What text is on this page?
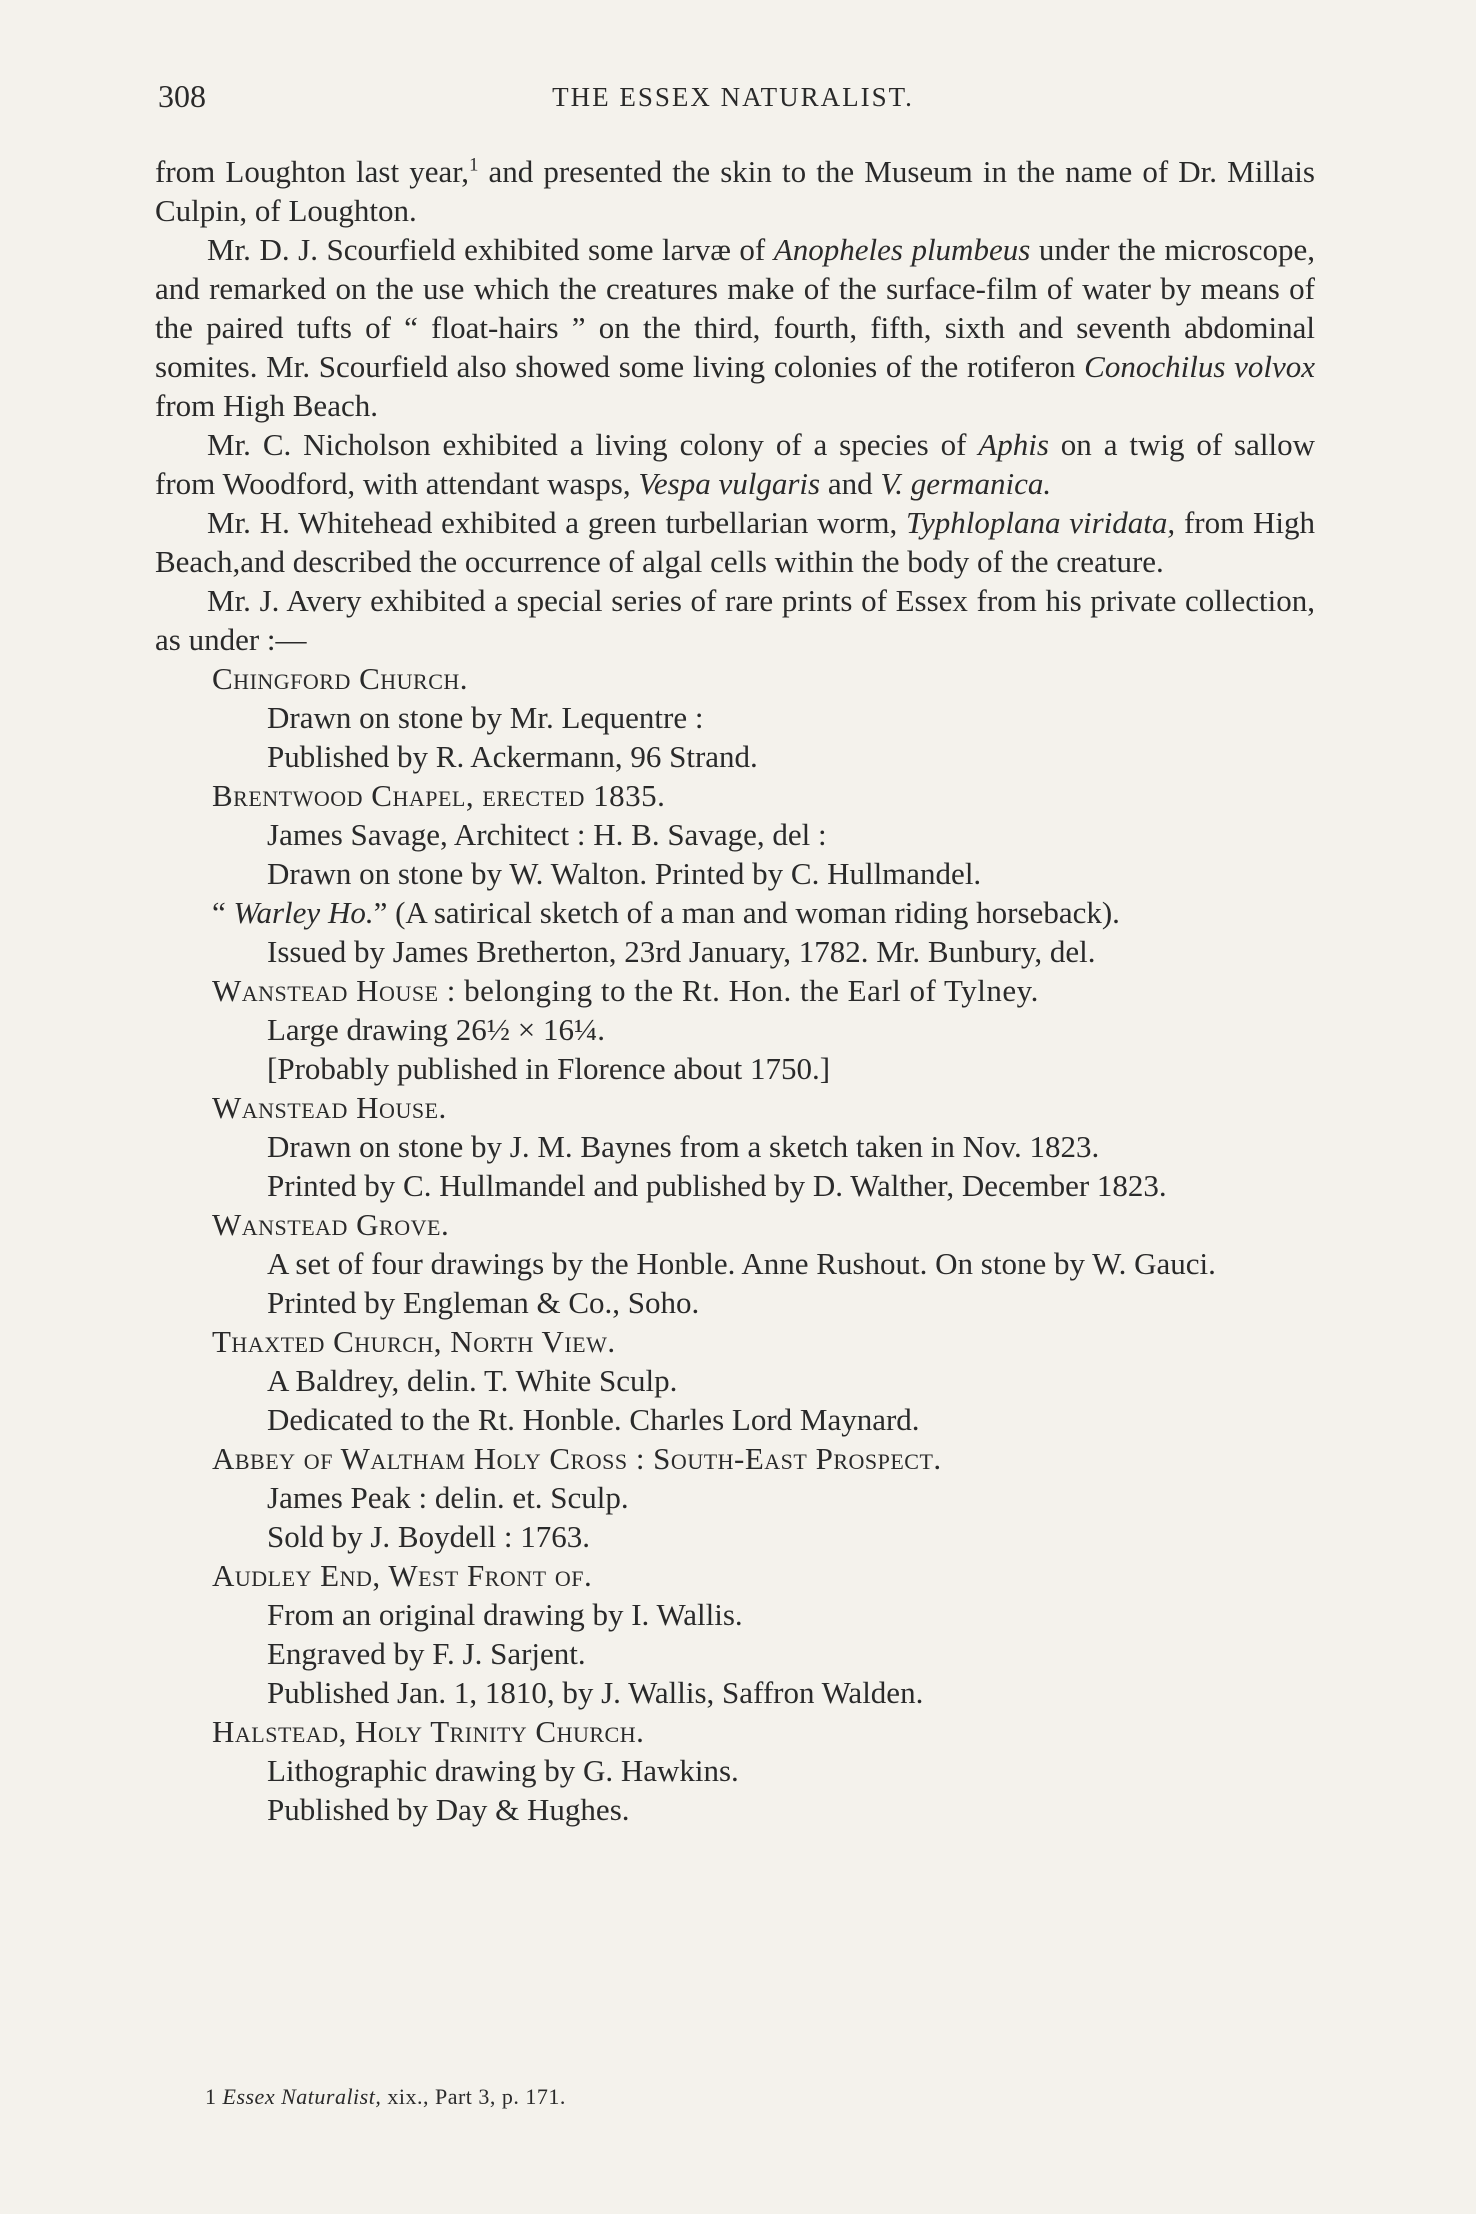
308	THE ESSEX NATURALIST.

from Loughton last year,$^1$ and presented the skin to the Museum in the name of Dr. Millais Culpin, of Loughton.

Mr. D. J. Scourfield exhibited some larvæ of Anopheles plumbeus under the microscope, and remarked on the use which the creatures make of the surface-film of water by means of the paired tufts of “ float-hairs ” on the third, fourth, fifth, sixth and seventh abdominal somites. Mr. Scourfield also showed some living colonies of the rotiferon Conochilus volvox from High Beach.

Mr. C. Nicholson exhibited a living colony of a species of Aphis on a twig of sallow from Woodford, with attendant wasps, Vespa vulgaris and V. germanica.

Mr. H. Whitehead exhibited a green turbellarian worm, Typhloplana viridata, from High Beach,and described the occurrence of algal cells within the body of the creature.

Mr. J. Avery exhibited a special series of rare prints of Essex from his private collection, as under :—

Chingford Church.
Drawn on stone by Mr. Lequentre :
Published by R. Ackermann, 96 Strand.
Brentwood Chapel, erected 1835.
James Savage, Architect : H. B. Savage, del :
Drawn on stone by W. Walton. Printed by C. Hullmandel.
“ Warley Ho.” (A satirical sketch of a man and woman riding horseback).
Issued by James Bretherton, 23rd January, 1782. Mr. Bunbury, del.
Wanstead House : belonging to the Rt. Hon. the Earl of Tylney.
Large drawing 26½ × 16¼.
[Probably published in Florence about 1750.]
Wanstead House.
Drawn on stone by J. M. Baynes from a sketch taken in Nov. 1823.
Printed by C. Hullmandel and published by D. Walther, December 1823.
Wanstead Grove.
A set of four drawings by the Honble. Anne Rushout. On stone by W. Gauci.
Printed by Engleman & Co., Soho.
Thaxted Church, North View.
A Baldrey, delin. T. White Sculp.
Dedicated to the Rt. Honble. Charles Lord Maynard.
Abbey of Waltham Holy Cross : South-East Prospect.
James Peak : delin. et. Sculp.
Sold by J. Boydell : 1763.
Audley End, West Front of.
From an original drawing by I. Wallis.
Engraved by F. J. Sarjent.
Published Jan. 1, 1810, by J. Wallis, Saffron Walden.
Halstead, Holy Trinity Church.
Lithographic drawing by G. Hawkins.
Published by Day & Hughes.
1 Essex Naturalist, xix., Part 3, p. 171.
